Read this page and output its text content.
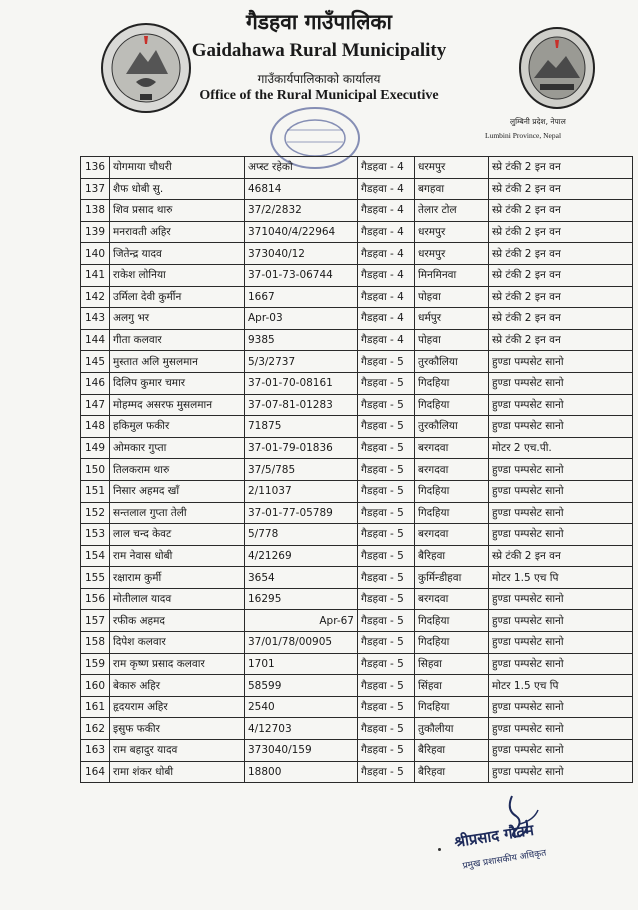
गैडहवा गाउँपालिका
Gaidahawa Rural Municipality
गाउँकार्यपालिकाको कार्यालय
Office of the Rural Municipal Executive
लुम्बिनी प्रदेश, नेपाल
Lumbini Province, Nepal
136	योगमाया चौधरी	अप्स्ट रहेको	गैडहवा - 4	धरमपुर	स्प्रे टंकी 2 इन वन
137	शैफ धोबी सु.	46814	गैडहवा - 4	बगहवा	स्प्रे टंकी 2 इन वन
138	शिव प्रसाद थारु	37/2/2832	गैडहवा - 4	तेलार टोल	स्प्रे टंकी 2 इन वन
139	मनरावती अहिर	371040/4/22964	गैडहवा - 4	धरमपुर	स्प्रे टंकी 2 इन वन
140	जितेन्द्र यादव	373040/12	गैडहवा - 4	धरमपुर	स्प्रे टंकी 2 इन वन
141	राकेश लोनिया	37-01-73-06744	गैडहवा - 4	मिनमिनवा	स्प्रे टंकी 2 इन वन
142	उर्मिला देवी कुर्मीन	1667	गैडहवा - 4	पोहवा	स्प्रे टंकी 2 इन वन
143	अलगु भर	Apr-03	गैडहवा - 4	धर्मपुर	स्प्रे टंकी 2 इन वन
144	गीता कलवार	9385	गैडहवा - 4	पोहवा	स्प्रे टंकी 2 इन वन
145	मुस्तात अलि मुसलमान	5/3/2737	गैडहवा - 5	तुरकौलिया	हुण्डा पम्पसेट सानो
146	दिलिप कुमार चमार	37-01-70-08161	गैडहवा - 5	गिदहिया	हुण्डा पम्पसेट सानो
147	मोहम्मद असरफ मुसलमान	37-07-81-01283	गैडहवा - 5	गिदहिया	हुण्डा पम्पसेट सानो
148	हकिमुल फकीर	71875	गैडहवा - 5	तुरकौलिया	हुण्डा पम्पसेट सानो
149	ओमकार गुप्ता	37-01-79-01836	गैडहवा - 5	बरगदवा	मोटर 2 एच.पी.
150	तिलकराम थारु	37/5/785	गैडहवा - 5	बरगदवा	हुण्डा पम्पसेट सानो
151	निसार अहमद खाँ	2/11037	गैडहवा - 5	गिदहिया	हुण्डा पम्पसेट सानो
152	सन्तलाल गुप्ता तेली	37-01-77-05789	गैडहवा - 5	गिदहिया	हुण्डा पम्पसेट सानो
153	लाल चन्द केवट	5/778	गैडहवा - 5	बरगदवा	हुण्डा पम्पसेट सानो
154	राम नेवास धोबी	4/21269	गैडहवा - 5	बैरिहवा	स्प्रे टंकी 2 इन वन
155	रक्षाराम कुर्मी	3654	गैडहवा - 5	कुर्मिन्डीहवा	मोटर 1.5 एच पि
156	मोतीलाल यादव	16295	गैडहवा - 5	बरगदवा	हुण्डा पम्पसेट सानो
157	रफीक अहमद	Apr-67	गैडहवा - 5	गिदहिया	हुण्डा पम्पसेट सानो
158	दिपेश कलवार	37/01/78/00905	गैडहवा - 5	गिदहिया	हुण्डा पम्पसेट सानो
159	राम कृष्ण प्रसाद कलवार	1701	गैडहवा - 5	सिहवा	हुण्डा पम्पसेट सानो
160	बेकारु अहिर	58599	गैडहवा - 5	सिंहवा	मोटर 1.5 एच पि
161	हृदयराम अहिर	2540	गैडहवा - 5	गिदहिया	हुण्डा पम्पसेट सानो
162	इसुफ फकीर	4/12703	गैडहवा - 5	तुकौलीया	हुण्डा पम्पसेट सानो
163	राम बहादुर यादव	373040/159	गैडहवा - 5	बैरिहवा	हुण्डा पम्पसेट सानो
164	रामा शंकर धोबी	18800	गैडहवा - 5	बैरिहवा	हुण्डा पम्पसेट सानो
श्रीप्रसाद गौतम
प्रमुख प्रशासकीय अधिकृत
